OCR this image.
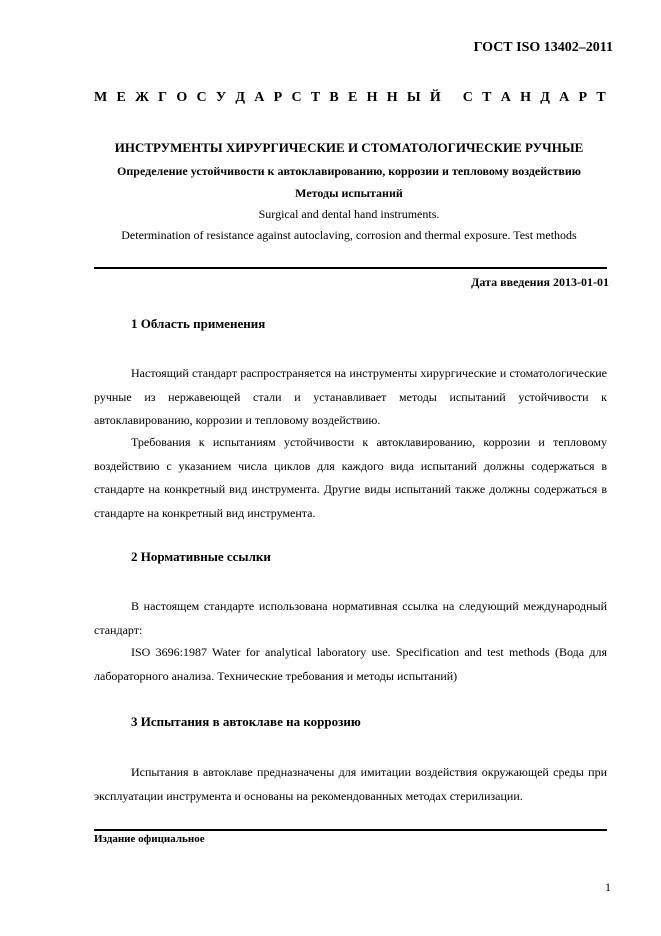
ГОСТ ISO 13402–2011
М Е Ж Г О С У Д А Р С Т В Е Н Н Ы Й
С Т А Н Д А Р Т
ИНСТРУМЕНТЫ ХИРУРГИЧЕСКИЕ И СТОМАТОЛОГИЧЕСКИЕ РУЧНЫЕ
Определение устойчивости к автоклавированию, коррозии и тепловому воздействию
Методы испытаний
Surgical and dental hand instruments.
Determination of resistance against autoclaving, corrosion and thermal exposure. Test methods
Дата введения 2013-01-01
1 Область применения

Настоящий стандарт распространяется на инструменты хирургические и стоматологические ручные из нержавеющей стали и устанавливает методы испытаний устойчивости к автоклавированию, коррозии и тепловому воздействию.

Требования к испытаниям устойчивости к автоклавированию, коррозии и тепловому воздействию с указанием числа циклов для каждого вида испытаний должны содержаться в стандарте на конкретный вид инструмента. Другие виды испытаний также должны содержаться в стандарте на конкретный вид инструмента.

2 Нормативные ссылки

В настоящем стандарте использована нормативная ссылка на следующий международный стандарт:

ISO 3696:1987 Water for analytical laboratory use. Specification and test methods (Вода для лабораторного анализа. Технические требования и методы испытаний)

3 Испытания в автоклаве на коррозию

Испытания в автоклаве предназначены для имитации воздействия окружающей среды при эксплуатации инструмента и основаны на рекомендованных методах стерилизации.

Издание официальное
1
